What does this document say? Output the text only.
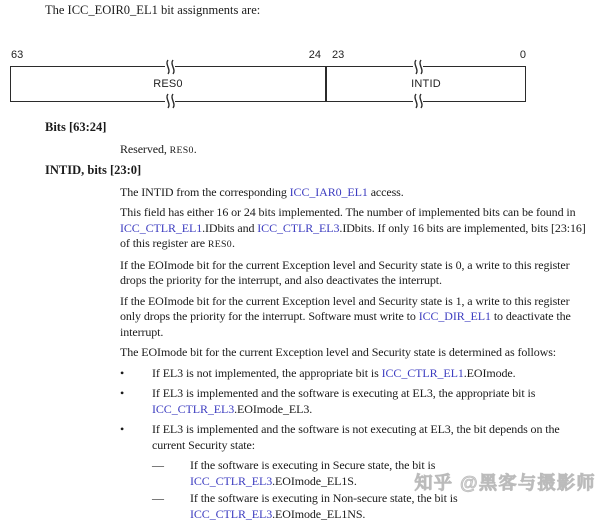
The ICC_EOIR0_EL1 bit assignments are:

63	24 23	0
RES0	INTID
Bits [63:24]

Reserved, RES0.

INTID, bits [23:0]

The INTID from the corresponding ICC_IAR0_EL1 access.

This field has either 16 or 24 bits implemented. The number of implemented bits can be found in ICC_CTLR_EL1.IDbits and ICC_CTLR_EL3.IDbits. If only 16 bits are implemented, bits [23:16] of this register are RES0.

If the EOImode bit for the current Exception level and Security state is 0, a write to this register drops the priority for the interrupt, and also deactivates the interrupt.

If the EOImode bit for the current Exception level and Security state is 1, a write to this register only drops the priority for the interrupt. Software must write to ICC_DIR_EL1 to deactivate the interrupt.

The EOImode bit for the current Exception level and Security state is determined as follows:

•	If EL3 is not implemented, the appropriate bit is ICC_CTLR_EL1.EOImode.
•	If EL3 is implemented and the software is executing at EL3, the appropriate bit is ICC_CTLR_EL3.EOImode_EL3.
•	If EL3 is implemented and the software is not executing at EL3, the bit depends on the current Security state:
—	If the software is executing in Secure state, the bit is ICC_CTLR_EL3.EOImode_EL1S.
—	If the software is executing in Non-secure state, the bit is ICC_CTLR_EL3.EOImode_EL1NS.
知乎 @黑客与摄影师
